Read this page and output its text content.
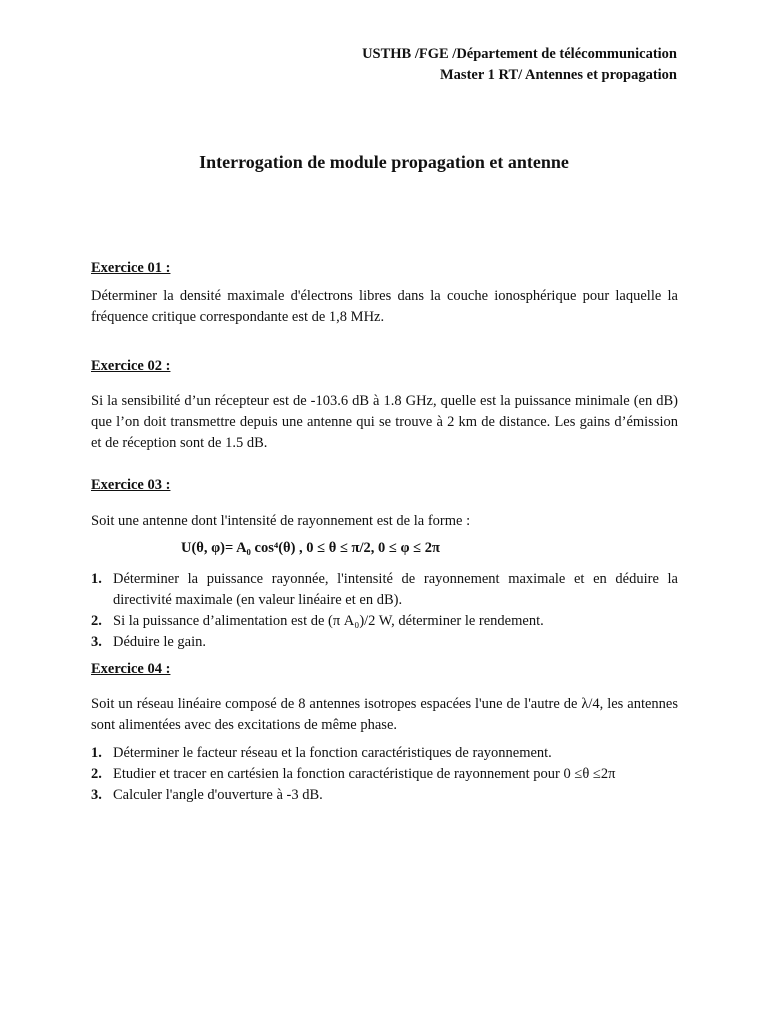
USTHB /FGE /Département de télécommunication
Master 1 RT/ Antennes et propagation
Interrogation de module propagation et antenne
Exercice 01 :
Déterminer la densité maximale d'électrons libres dans la couche ionosphérique pour laquelle la fréquence critique correspondante est de 1,8 MHz.
Exercice 02 :
Si la sensibilité d’un récepteur est de -103.6 dB à 1.8 GHz, quelle est la puissance minimale (en dB) que l’on doit transmettre depuis une antenne qui se trouve à 2 km de distance. Les gains d’émission et de réception sont de 1.5 dB.
Exercice 03 :
Soit une antenne dont l'intensité de rayonnement est de la forme :
U(θ, φ)= A₀ cos⁴(θ) , 0 ≤ θ ≤ π/2, 0 ≤ φ ≤ 2π
1. Déterminer la puissance rayonnée, l'intensité de rayonnement maximale et en déduire la directivité maximale (en valeur linéaire et en dB).
2. Si la puissance d’alimentation est de (π A₀)/2 W, déterminer le rendement.
3. Déduire le gain.
Exercice 04 :
Soit un réseau linéaire composé de 8 antennes isotropes espacées l'une de l'autre de λ/4, les antennes sont alimentées avec des excitations de même phase.
1. Déterminer le facteur réseau et la fonction caractéristiques de rayonnement.
2. Etudier et tracer en cartésien la fonction caractéristique de rayonnement pour 0 ≤θ ≤2π
3. Calculer l'angle d'ouverture à -3 dB.
